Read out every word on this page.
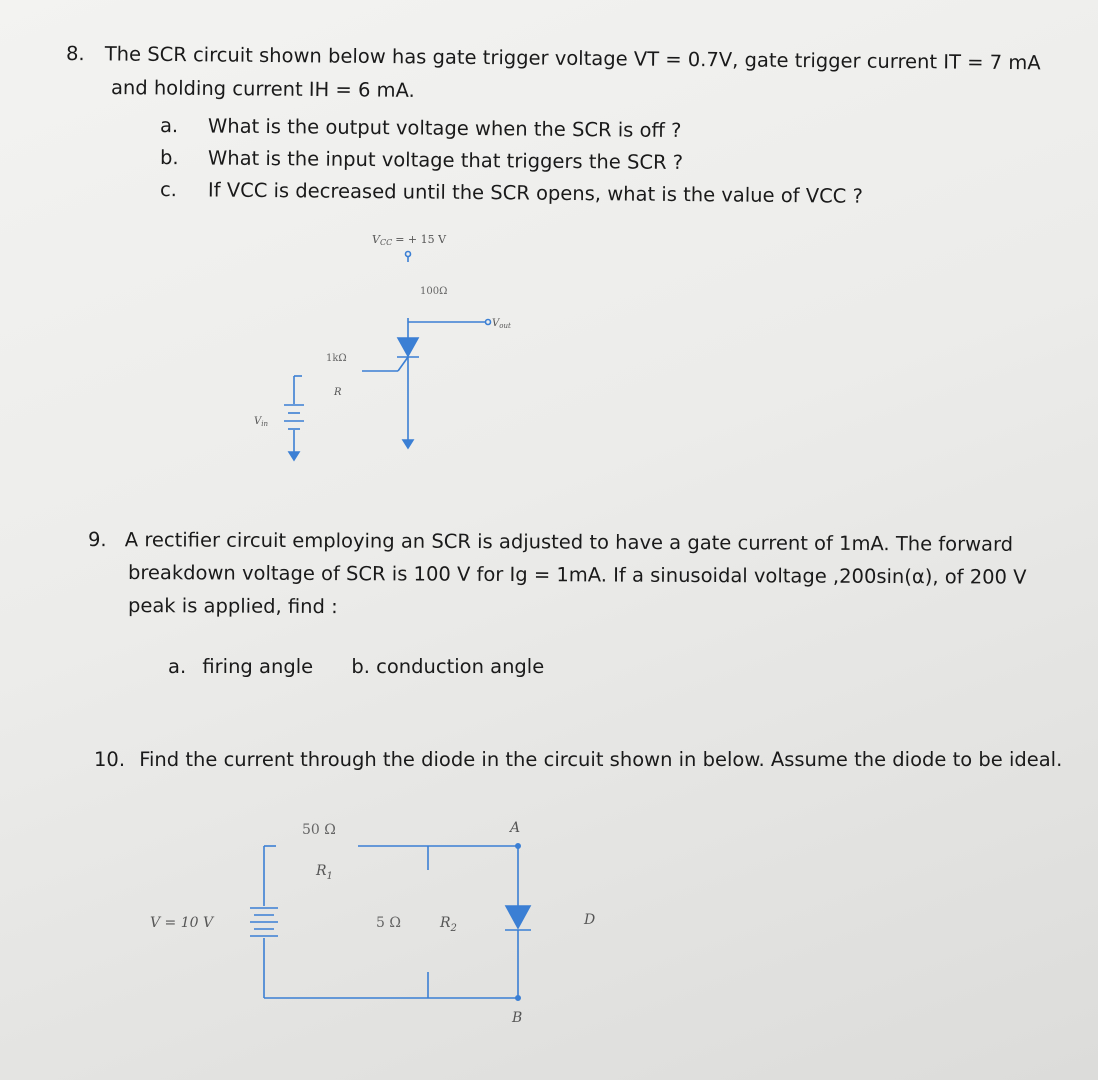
8. The SCR circuit shown below has gate trigger voltage VT = 0.7V, gate trigger current IT = 7 mA
and holding current IH = 6 mA.
a. What is the output voltage when the SCR is off ?
b. What is the input voltage that triggers the SCR ?
c. If VCC is decreased until the SCR opens, what is the value of VCC ?
9. A rectifier circuit employing an SCR is adjusted to have a gate current of 1mA. The forward
breakdown voltage of SCR is 100 V for Ig = 1mA. If a sinusoidal voltage ,200sin(α), of 200 V
peak is applied, find :
a. firing angle b. conduction angle
10. Find the current through the diode in the circuit shown in below. Assume the diode to be ideal.
VCC = + 15 V
100Ω
$V_{out}$
1kΩ
R
$V_{in}$
50 Ω
$R_1$
V = 10 V	5 Ω	$R_2$
A
B
D
